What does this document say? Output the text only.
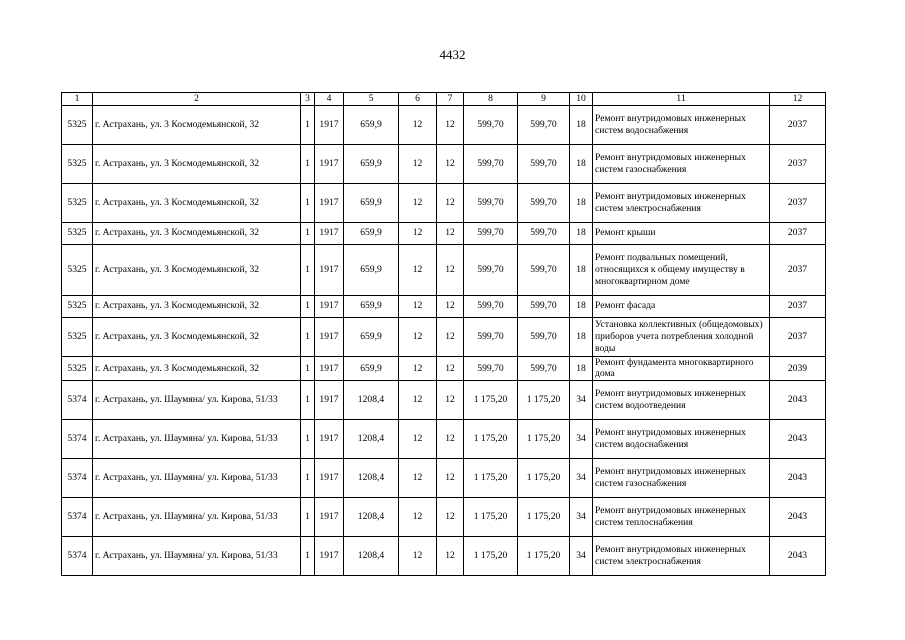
4432
1	2	3	4	5	6	7	8	9	10	11	12
5325	г. Астрахань, ул. 3 Космодемьянской, 32	1	1917	659,9	12	12	599,70	599,70	18	Ремонт внутридомовых инженерных систем водоснабжения	2037
5325	г. Астрахань, ул. 3 Космодемьянской, 32	1	1917	659,9	12	12	599,70	599,70	18	Ремонт внутридомовых инженерных систем газоснабжения	2037
5325	г. Астрахань, ул. 3 Космодемьянской, 32	1	1917	659,9	12	12	599,70	599,70	18	Ремонт внутридомовых инженерных систем электроснабжения	2037
5325	г. Астрахань, ул. 3 Космодемьянской, 32	1	1917	659,9	12	12	599,70	599,70	18	Ремонт крыши	2037
5325	г. Астрахань, ул. 3 Космодемьянской, 32	1	1917	659,9	12	12	599,70	599,70	18	Ремонт подвальных помещений, относящихся к общему имуществу в многоквартирном доме	2037
5325	г. Астрахань, ул. 3 Космодемьянской, 32	1	1917	659,9	12	12	599,70	599,70	18	Ремонт фасада	2037
5325	г. Астрахань, ул. 3 Космодемьянской, 32	1	1917	659,9	12	12	599,70	599,70	18	Установка коллективных (общедомовых) приборов учета потребления холодной воды	2037
5325	г. Астрахань, ул. 3 Космодемьянской, 32	1	1917	659,9	12	12	599,70	599,70	18	Ремонт фундамента многоквартирного дома	2039
5374	г. Астрахань, ул. Шаумяна/ ул. Кирова, 51/33	1	1917	1208,4	12	12	1 175,20	1 175,20	34	Ремонт внутридомовых инженерных систем водоотведения	2043
5374	г. Астрахань, ул. Шаумяна/ ул. Кирова, 51/33	1	1917	1208,4	12	12	1 175,20	1 175,20	34	Ремонт внутридомовых инженерных систем водоснабжения	2043
5374	г. Астрахань, ул. Шаумяна/ ул. Кирова, 51/33	1	1917	1208,4	12	12	1 175,20	1 175,20	34	Ремонт внутридомовых инженерных систем газоснабжения	2043
5374	г. Астрахань, ул. Шаумяна/ ул. Кирова, 51/33	1	1917	1208,4	12	12	1 175,20	1 175,20	34	Ремонт внутридомовых инженерных систем теплоснабжения	2043
5374	г. Астрахань, ул. Шаумяна/ ул. Кирова, 51/33	1	1917	1208,4	12	12	1 175,20	1 175,20	34	Ремонт внутридомовых инженерных систем электроснабжения	2043
